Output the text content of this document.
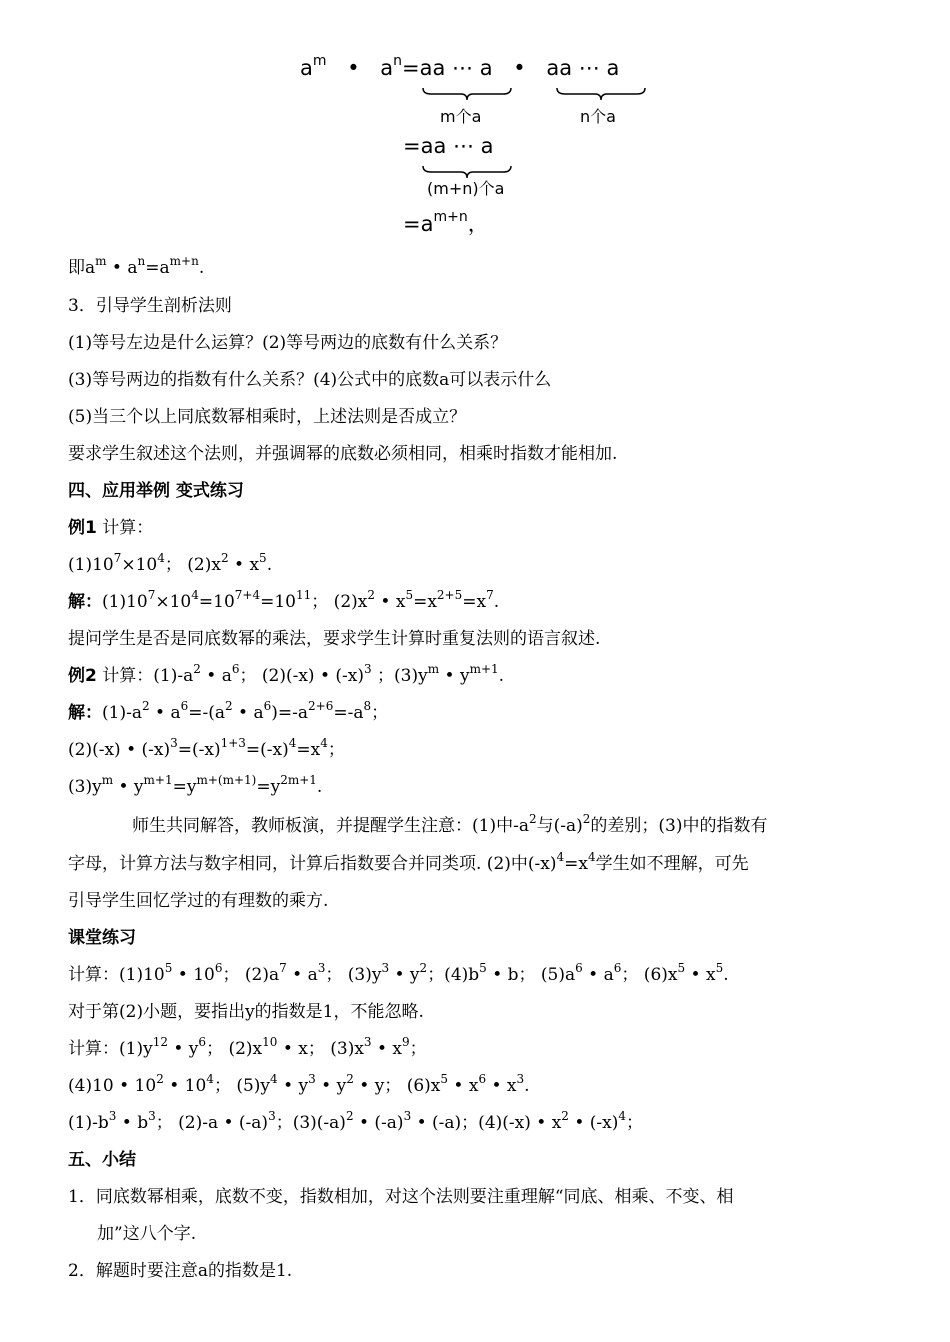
$a^m$ • $a^n=aa$ ⋯ a • aa ⋯ a
m个a	n个a
=aa ⋯ a
(m+n)个a
$=a^{m+n}$，
即$a^m$ • $a^n=a^{m+n}$.
3．引导学生剖析法则
(1)等号左边是什么运算？(2)等号两边的底数有什么关系？
(3)等号两边的指数有什么关系？(4)公式中的底数a可以表示什么
(5)当三个以上同底数幂相乘时，上述法则是否成立？
要求学生叙述这个法则，并强调幂的底数必须相同，相乘时指数才能相加.
四、应用举例 变式练习
例1 计算：
$(1)10^7\times 10^4$； $(2)x^2$ • $x^5$.
解：$(1)10^7\times 10^4=10^{7+4}=10^{11}$； $(2)x^2$ • $x^5=x^{2+5}=x^7$.
提问学生是否是同底数幂的乘法，要求学生计算时重复法则的语言叙述.
例2 计算：$(1)-a^2$ • $a^6$； (2)(-x) • $(-x)^3$ ；$(3)y^m$ • $y^{m+1}$.
解：$(1)-a^2$ • $a^6=-(a^2$ • $a^6)=-a^{2+6}=-a^8$；
(2)(-x) • $(-x)^3=(-x)^{1+3}=(-x)^4=x^4$；
$(3)y^m$ • $y^{m+1}=y^{m+(m+1)}=y^{2m+1}$.
师生共同解答，教师板演，并提醒学生注意：(1)中$-a^2$与$(-a)^2$的差别；(3)中的指数有
字母，计算方法与数字相同，计算后指数要合并同类项. (2)中$(-x)^4=x^4$学生如不理解，可先
引导学生回忆学过的有理数的乘方.
课堂练习
计算：$(1)10^5$ • $10^6$； $(2)a^7$ • $a^3$； $(3)y^3$ • $y^2$；$(4)b^5$ • b； $(5)a^6$ • $a^6$； $(6)x^5$ • $x^5$.
对于第(2)小题，要指出y的指数是1，不能忽略.
计算：$(1)y^{12}$ • $y^6$； $(2)x^{10}$ • x； $(3)x^3$ • $x^9$；
(4)10 • $10^2$ • $10^4$； $(5)y^4$ • $y^3$ • $y^2$ • y； $(6)x^5$ • $x^6$ • $x^3$.
$(1)-b^3$ • $b^3$； (2)-a • $(-a)^3$；$(3)(-a)^2$ • $(-a)^3$ • (-a)；(4)(-x) • $x^2$ • $(-x)^4$；
五、小结
1．同底数幂相乘，底数不变，指数相加，对这个法则要注重理解“同底、相乘、不变、相
加”这八个字.
2．解题时要注意a的指数是1.
